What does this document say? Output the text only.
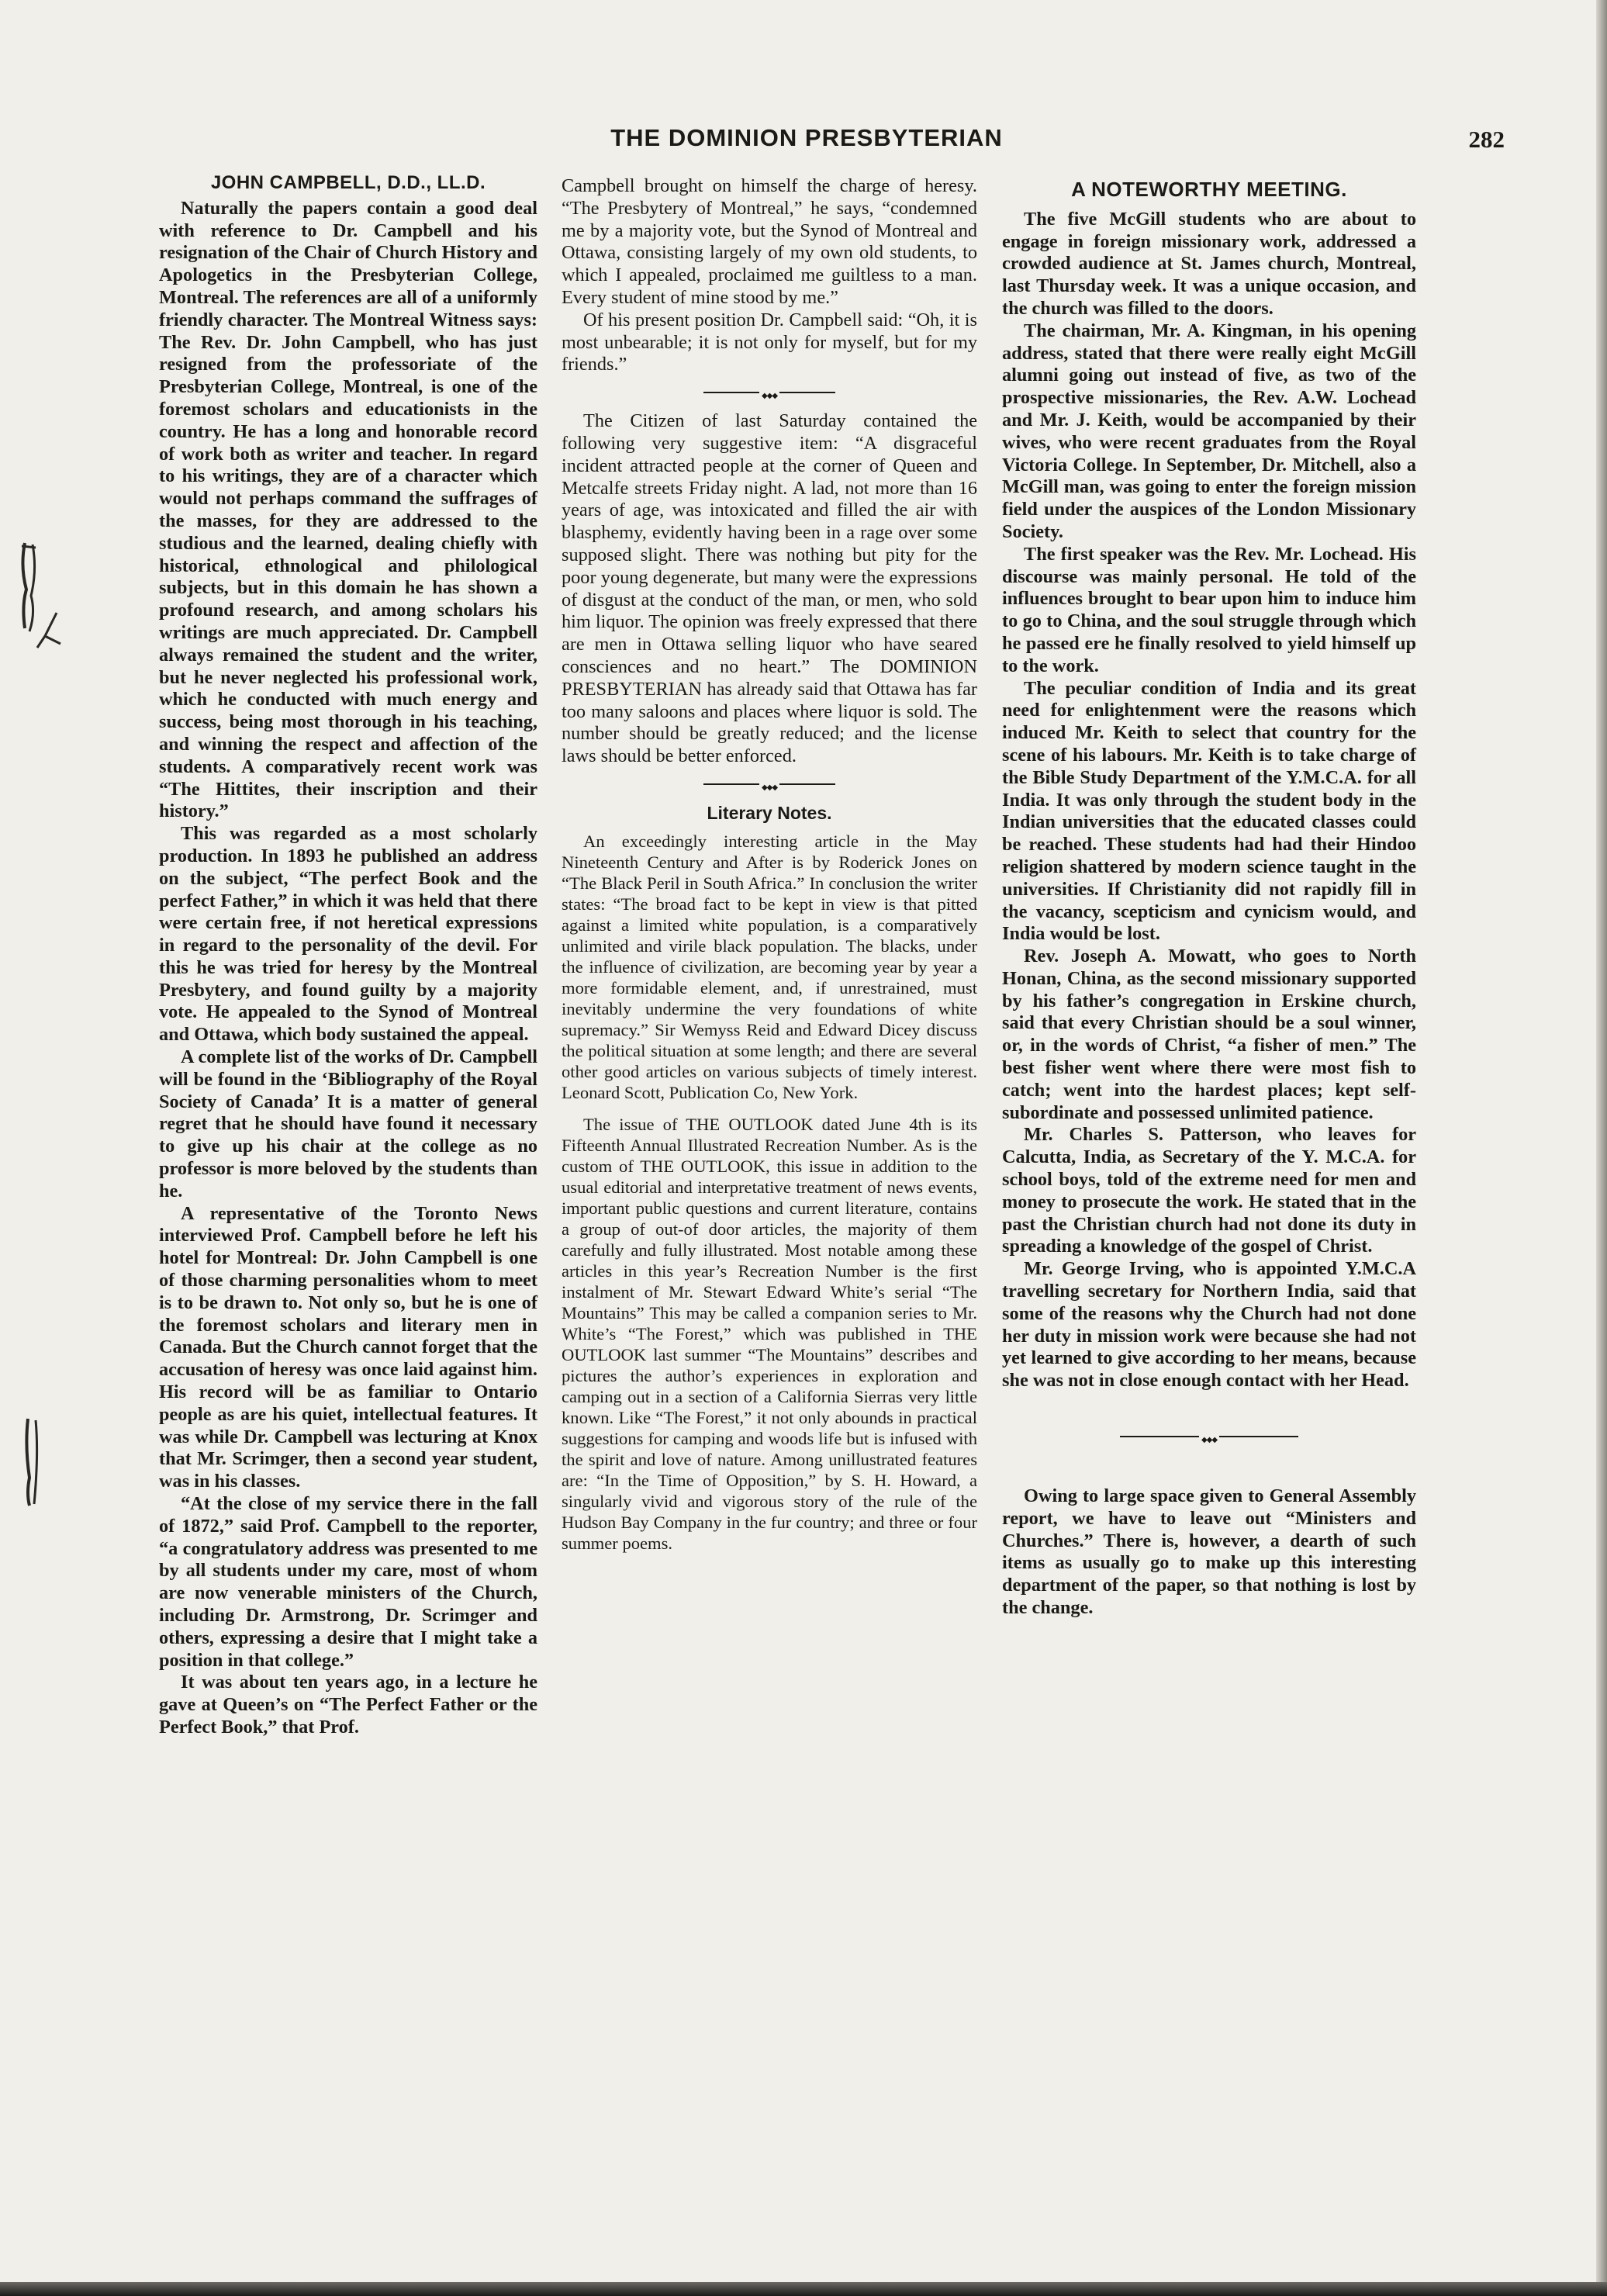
THE DOMINION PRESBYTERIAN	282
JOHN CAMPBELL, D.D., LL.D.

Naturally the papers contain a good deal with reference to Dr. Campbell and his resignation of the Chair of Church History and Apologetics in the Presbyterian College, Montreal. The references are all of a uniformly friendly character. The Montreal Witness says: The Rev. Dr. John Campbell, who has just resigned from the professoriate of the Presbyterian College, Montreal, is one of the foremost scholars and educationists in the country. He has a long and honorable record of work both as writer and teacher. In regard to his writings, they are of a character which would not perhaps command the suffrages of the masses, for they are addressed to the studious and the learned, dealing chiefly with historical, ethnological and philological subjects, but in this domain he has shown a profound research, and among scholars his writings are much appreciated. Dr. Campbell always remained the student and the writer, but he never neglected his professional work, which he conducted with much energy and success, being most thorough in his teaching, and winning the respect and affection of the students. A comparatively recent work was “The Hittites, their inscription and their history.”

This was regarded as a most scholarly production. In 1893 he published an address on the subject, “The perfect Book and the perfect Father,” in which it was held that there were certain free, if not heretical expressions in regard to the personality of the devil. For this he was tried for heresy by the Montreal Presbytery, and found guilty by a majority vote. He appealed to the Synod of Montreal and Ottawa, which body sustained the appeal.

A complete list of the works of Dr. Campbell will be found in the ‘Bibliography of the Royal Society of Canada’ It is a matter of general regret that he should have found it necessary to give up his chair at the college as no professor is more beloved by the students than he.

A representative of the Toronto News interviewed Prof. Campbell before he left his hotel for Montreal: Dr. John Campbell is one of those charming personalities whom to meet is to be drawn to. Not only so, but he is one of the foremost scholars and literary men in Canada. But the Church cannot forget that the accusation of heresy was once laid against him. His record will be as familiar to Ontario people as are his quiet, intellectual features. It was while Dr. Campbell was lecturing at Knox that Mr. Scrimger, then a second year student, was in his classes.

“At the close of my service there in the fall of 1872,” said Prof. Campbell to the reporter, “a congratulatory address was presented to me by all students under my care, most of whom are now venerable ministers of the Church, including Dr. Armstrong, Dr. Scrimger and others, expressing a desire that I might take a position in that college.”

It was about ten years ago, in a lecture he gave at Queen’s on “The Perfect Father or the Perfect Book,” that Prof.

Campbell brought on himself the charge of heresy. “The Presbytery of Montreal,” he says, “condemned me by a majority vote, but the Synod of Montreal and Ottawa, consisting largely of my own old students, to which I appealed, proclaimed me guiltless to a man. Every student of mine stood by me.”

Of his present position Dr. Campbell said: “Oh, it is most unbearable; it is not only for myself, but for my friends.”

◆◆◆

The Citizen of last Saturday contained the following very suggestive item: “A disgraceful incident attracted people at the corner of Queen and Metcalfe streets Friday night. A lad, not more than 16 years of age, was intoxicated and filled the air with blasphemy, evidently having been in a rage over some supposed slight. There was nothing but pity for the poor young degenerate, but many were the expressions of disgust at the conduct of the man, or men, who sold him liquor. The opinion was freely expressed that there are men in Ottawa selling liquor who have seared consciences and no heart.” The DOMINION PRESBYTERIAN has already said that Ottawa has far too many saloons and places where liquor is sold. The number should be greatly reduced; and the license laws should be better enforced.

◆◆◆
Literary Notes.

An exceedingly interesting article in the May Nineteenth Century and After is by Roderick Jones on “The Black Peril in South Africa.” In conclusion the writer states: “The broad fact to be kept in view is that pitted against a limited white population, is a comparatively unlimited and virile black population. The blacks, under the influence of civilization, are becoming year by year a more formidable element, and, if unrestrained, must inevitably undermine the very foundations of white supremacy.” Sir Wemyss Reid and Edward Dicey discuss the political situation at some length; and there are several other good articles on various subjects of timely interest. Leonard Scott, Publication Co, New York.

The issue of THE OUTLOOK dated June 4th is its Fifteenth Annual Illustrated Recreation Number. As is the custom of THE OUTLOOK, this issue in addition to the usual editorial and interpretative treatment of news events, important public questions and current literature, contains a group of out-of door articles, the majority of them carefully and fully illustrated. Most notable among these articles in this year’s Recreation Number is the first instalment of Mr. Stewart Edward White’s serial “The Mountains” This may be called a companion series to Mr. White’s “The Forest,” which was published in THE OUTLOOK last summer “The Mountains” describes and pictures the author’s experiences in exploration and camping out in a section of a California Sierras very little known. Like “The Forest,” it not only abounds in practical suggestions for camping and woods life but is infused with the spirit and love of nature. Among unillustrated features are: “In the Time of Opposition,” by S. H. Howard, a singularly vivid and vigorous story of the rule of the Hudson Bay Company in the fur country; and three or four summer poems.

A NOTEWORTHY MEETING.

The five McGill students who are about to engage in foreign missionary work, addressed a crowded audience at St. James church, Montreal, last Thursday week. It was a unique occasion, and the church was filled to the doors.

The chairman, Mr. A. Kingman, in his opening address, stated that there were really eight McGill alumni going out instead of five, as two of the prospective missionaries, the Rev. A.W. Lochead and Mr. J. Keith, would be accompanied by their wives, who were recent graduates from the Royal Victoria College. In September, Dr. Mitchell, also a McGill man, was going to enter the foreign mission field under the auspices of the London Missionary Society.

The first speaker was the Rev. Mr. Lochead. His discourse was mainly personal. He told of the influences brought to bear upon him to induce him to go to China, and the soul struggle through which he passed ere he finally resolved to yield himself up to the work.

The peculiar condition of India and its great need for enlightenment were the reasons which induced Mr. Keith to select that country for the scene of his labours. Mr. Keith is to take charge of the Bible Study Department of the Y.M.C.A. for all India. It was only through the student body in the Indian universities that the educated classes could be reached. These students had had their Hindoo religion shattered by modern science taught in the universities. If Christianity did not rapidly fill in the vacancy, scepticism and cynicism would, and India would be lost.

Rev. Joseph A. Mowatt, who goes to North Honan, China, as the second missionary supported by his father’s congregation in Erskine church, said that every Christian should be a soul winner, or, in the words of Christ, “a fisher of men.” The best fisher went where there were most fish to catch; went into the hardest places; kept self-subordinate and possessed unlimited patience.

Mr. Charles S. Patterson, who leaves for Calcutta, India, as Secretary of the Y. M.C.A. for school boys, told of the extreme need for men and money to prosecute the work. He stated that in the past the Christian church had not done its duty in spreading a knowledge of the gospel of Christ.

Mr. George Irving, who is appointed Y.M.C.A travelling secretary for Northern India, said that some of the reasons why the Church had not done her duty in mission work were because she had not yet learned to give according to her means, because she was not in close enough contact with her Head.

◆◆◆

Owing to large space given to General Assembly report, we have to leave out “Ministers and Churches.” There is, however, a dearth of such items as usually go to make up this interesting department of the paper, so that nothing is lost by the change.
